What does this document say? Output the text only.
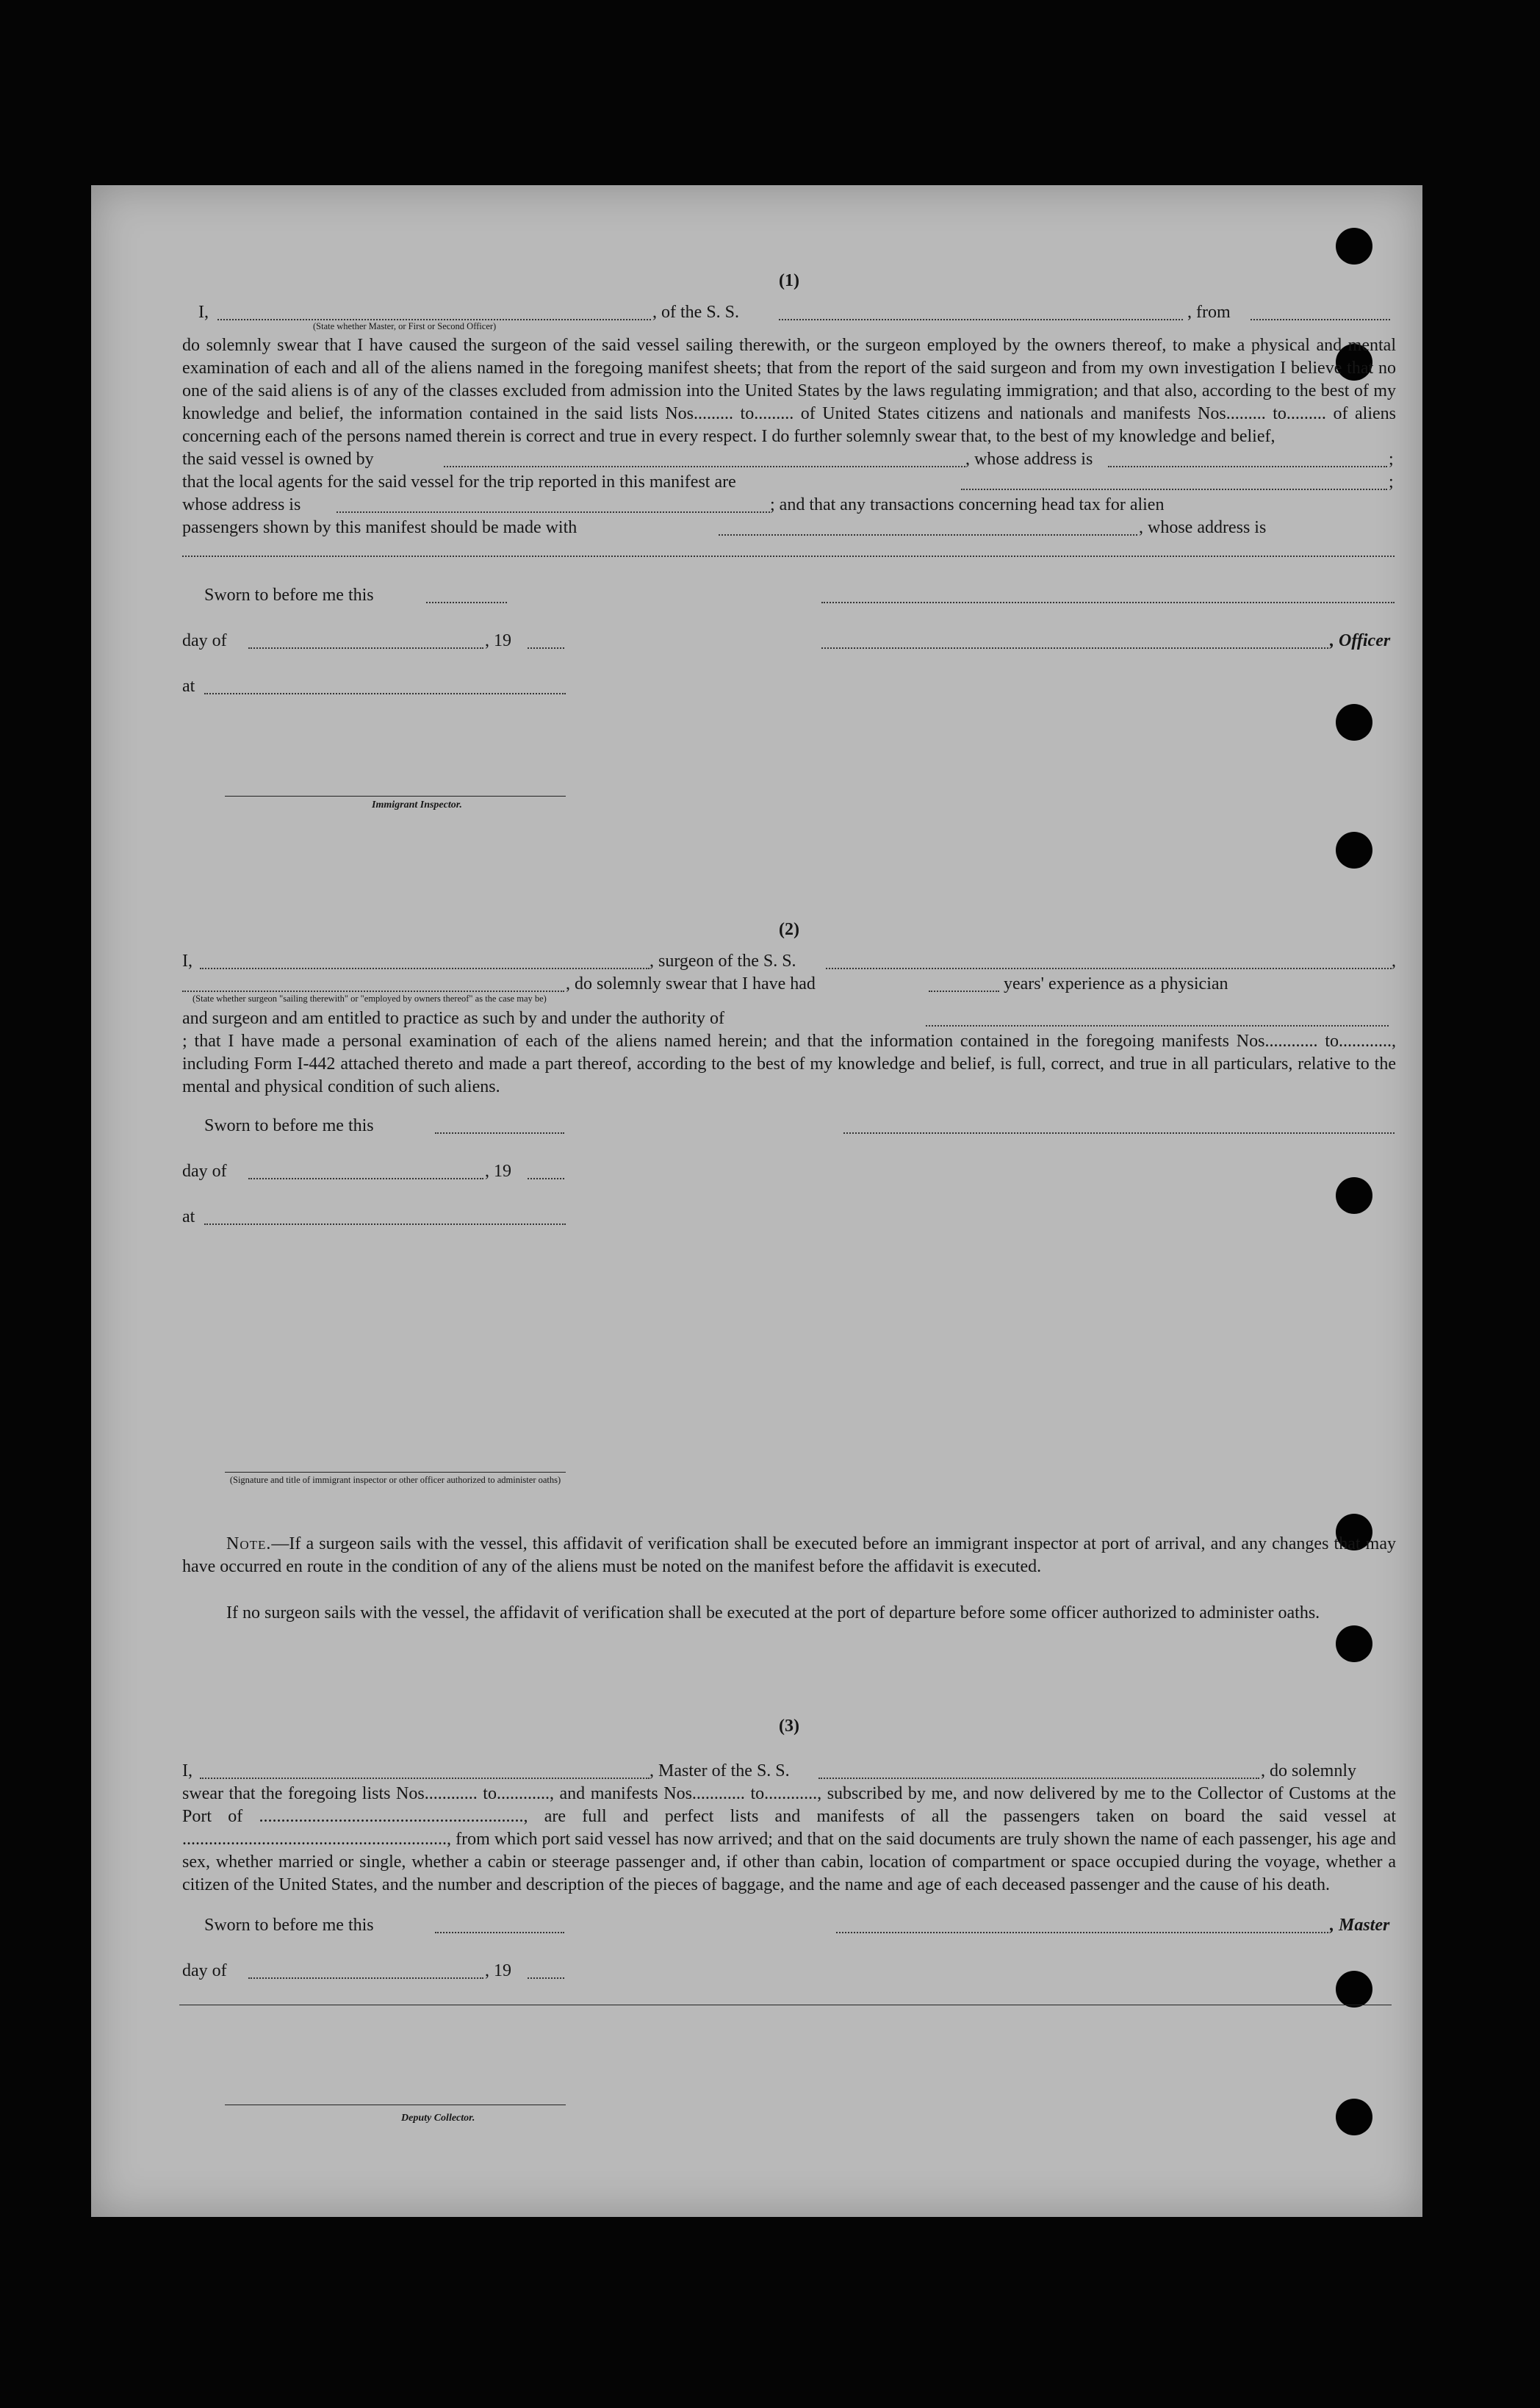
(1)
I,	, of the S. S.	, from
(State whether Master, or First or Second Officer)

do solemnly swear that I have caused the surgeon of the said vessel sailing therewith, or the surgeon employed by the owners thereof, to make a physical and mental examination of each and all of the aliens named in the foregoing manifest sheets; that from the report of the said surgeon and from my own investigation I believe that no one of the said aliens is of any of the classes excluded from admission into the United States by the laws regulating immigration; and that also, according to the best of my knowledge and belief, the information contained in the said lists Nos......... to......... of United States citizens and nationals and manifests Nos......... to......... of aliens concerning each of the persons named therein is correct and true in every respect. I do further solemnly swear that, to the best of my knowledge and belief,

the said vessel is owned by	, whose address is	;
that the local agents for the said vessel for the trip reported in this manifest are	;
whose address is	; and that any transactions concerning head tax for alien
passengers shown by this manifest should be made with	, whose address is
Sworn to before me this
day of	, 19	, Officer
at
Immigrant Inspector.
(2)
I,	, surgeon of the S. S.	,
, do solemnly swear that I have had	years' experience as a physician
(State whether surgeon "sailing therewith" or "employed by owners thereof" as the case may be)
and surgeon and am entitled to practice as such by and under the authority of

; that I have made a personal examination of each of the aliens named herein; and that the information contained in the foregoing manifests Nos............ to............, including Form I-442 attached thereto and made a part thereof, according to the best of my knowledge and belief, is full, correct, and true in all particulars, relative to the mental and physical condition of such aliens.

Sworn to before me this
day of	, 19
at
(Signature and title of immigrant inspector or other officer authorized to administer oaths)

Note.—If a surgeon sails with the vessel, this affidavit of verification shall be executed before an immigrant inspector at port of arrival, and any changes that may have occurred en route in the condition of any of the aliens must be noted on the manifest before the affidavit is executed.

If no surgeon sails with the vessel, the affidavit of verification shall be executed at the port of departure before some officer authorized to administer oaths.

(3)
I,	, Master of the S. S.	, do solemnly

swear that the foregoing lists Nos............ to............, and manifests Nos............ to............, subscribed by me, and now delivered by me to the Collector of Customs at the Port of ............................................................, are full and perfect lists and manifests of all the passengers taken on board the said vessel at ............................................................, from which port said vessel has now arrived; and that on the said documents are truly shown the name of each passenger, his age and sex, whether married or single, whether a cabin or steerage passenger and, if other than cabin, location of compartment or space occupied during the voyage, whether a citizen of the United States, and the number and description of the pieces of baggage, and the name and age of each deceased passenger and the cause of his death.

Sworn to before me this	, Master
day of	, 19
Deputy Collector.
